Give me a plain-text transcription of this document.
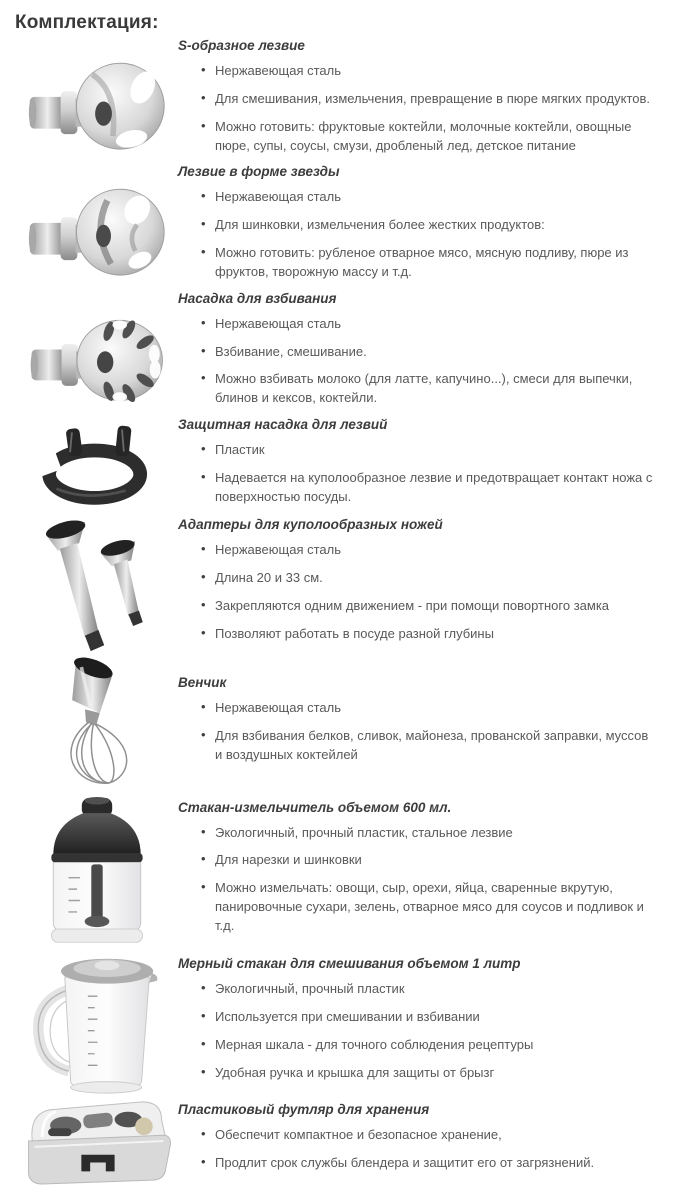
Комплектация:
S-образное лезвие
• Нержавеющая сталь
• Для смешивания, измельчения, превращение в пюре мягких продуктов.
• Можно готовить: фруктовые коктейли, молочные коктейли, овощные пюре, супы, соусы, смузи, дробленый лед, детское питание
Лезвие в форме звезды
• Нержавеющая сталь
• Для шинковки, измельчения более жестких продуктов:
• Можно готовить: рубленое отварное мясо, мясную подливу, пюре из фруктов, творожную массу и т.д.
Насадка для взбивания
• Нержавеющая сталь
• Взбивание, смешивание.
• Можно взбивать молоко (для латте, капучино...), смеси для выпечки, блинов и кексов, коктейли.
Защитная насадка для лезвий
• Пластик
• Надевается на куполообразное лезвие и предотвращает контакт ножа с поверхностью посуды.
Адаптеры для куполообразных ножей
• Нержавеющая сталь
• Длина 20 и 33 см.
• Закрепляются одним движением - при помощи повортного замка
• Позволяют работать в посуде разной глубины
Венчик
• Нержавеющая сталь
• Для взбивания белков, сливок, майонеза, прованской заправки, муссов и воздушных коктейлей
Стакан-измельчитель объемом 600 мл.
• Экологичный, прочный пластик, стальное лезвие
• Для нарезки и шинковки
• Можно измельчать: овощи, сыр, орехи, яйца, сваренные вкрутую, панировочные сухари, зелень, отварное мясо для соусов и подливок и т.д.
Мерный стакан для смешивания объемом 1 литр
• Экологичный, прочный пластик
• Используется при смешивании и взбивании
• Мерная шкала - для точного соблюдения рецептуры
• Удобная ручка и крышка для защиты от брызг
Пластиковый футляр для хранения
• Обеспечит компактное и безопасное хранение,
• Продлит срок службы блендера и защитит его от загрязнений.
